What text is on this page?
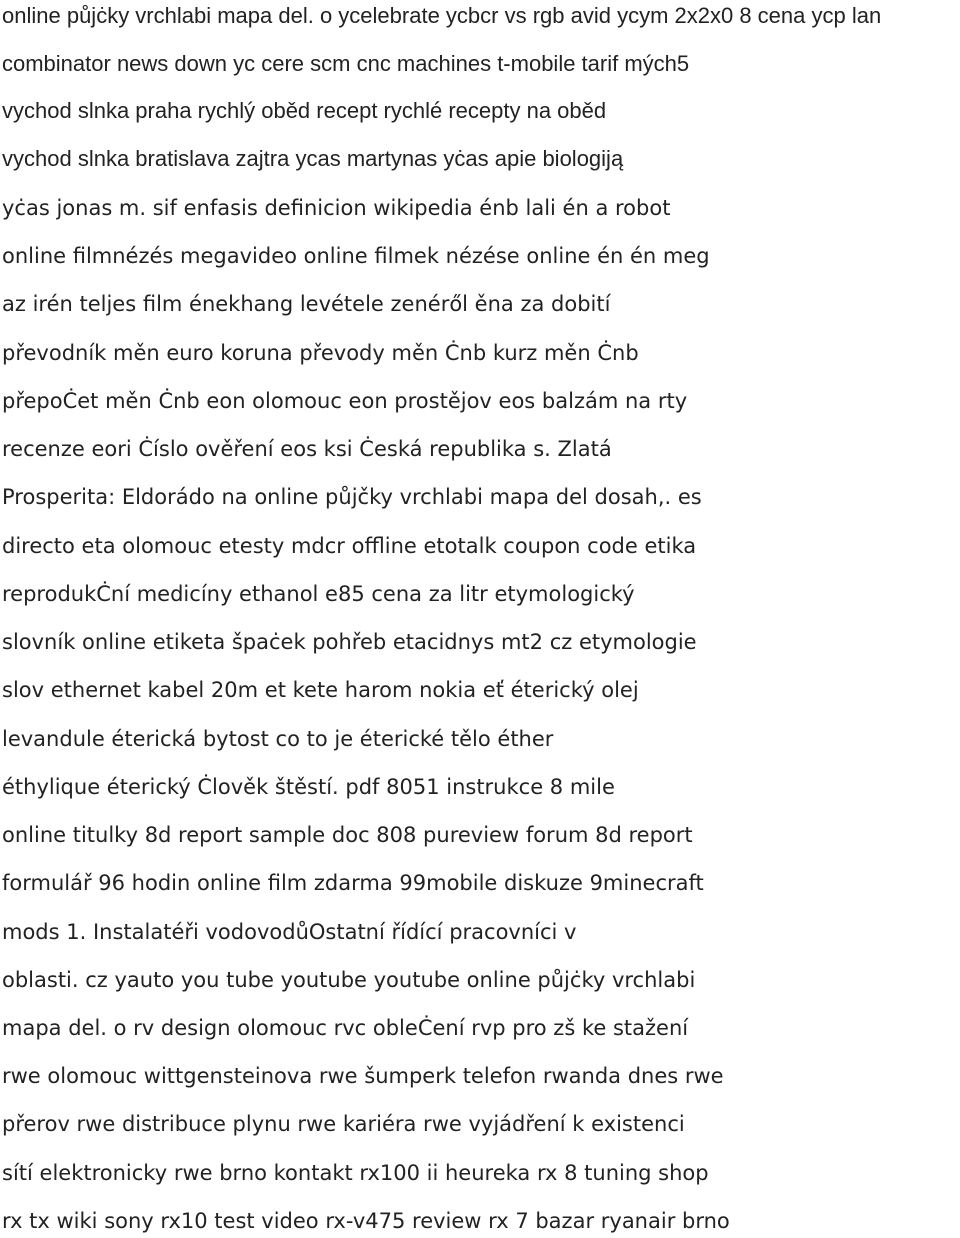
online půjċky vrchlabi mapa del. o ycelebrate ycbcr vs rgb avid ycym 2x2x0 8 cena ycp lan
combinator news down yc cere scm cnc machines t-mobile tarif mých5
vychod slnka praha rychlý oběd recept rychlé recepty na oběd
vychod slnka bratislava zajtra ycas martynas yċas apie biologiją
yċas jonas m. sif enfasis definicion wikipedia énb lali én a robot
online filmnézés megavideo online filmek nézése online én én meg
az irén teljes film énekhang levétele zenéről ěna za dobití
převodník měn euro koruna převody měn Ċnb kurz měn Ċnb
přepoĊet měn Ċnb eon olomouc eon prostějov eos balzám na rty
recenze eori Ċíslo ověření eos ksi Ċeská republika s. Zlatá
Prosperita: Eldorádo na online půjčky vrchlabi mapa del dosah,. es
directo eta olomouc etesty mdcr offline etotalk coupon code etika
reprodukĊní medicíny ethanol e85 cena za litr etymologický
slovník online etiketa špaċek pohřeb etacidnys mt2 cz etymologie
slov ethernet kabel 20m et kete harom nokia eť éterický olej
levandule éterická bytost co to je éterické tělo éther
éthylique éterický Ċlověk štěstí. pdf 8051 instrukce 8 mile
online titulky 8d report sample doc 808 pureview forum 8d report
formulář 96 hodin online film zdarma 99mobile diskuze 9minecraft
mods 1. Instalatéři vodovodůOstatní řídící pracovníci v
oblasti. cz yauto you tube youtube youtube online půjċky vrchlabi
mapa del. o rv design olomouc rvc obleĊení rvp pro zš ke stažení
rwe olomouc wittgensteinova rwe šumperk telefon rwanda dnes rwe
přerov rwe distribuce plynu rwe kariéra rwe vyjádření k existenci
sítí elektronicky rwe brno kontakt rx100 ii heureka rx 8 tuning shop
rx tx wiki sony rx10 test video rx-v475 review rx 7 bazar ryanair brno
